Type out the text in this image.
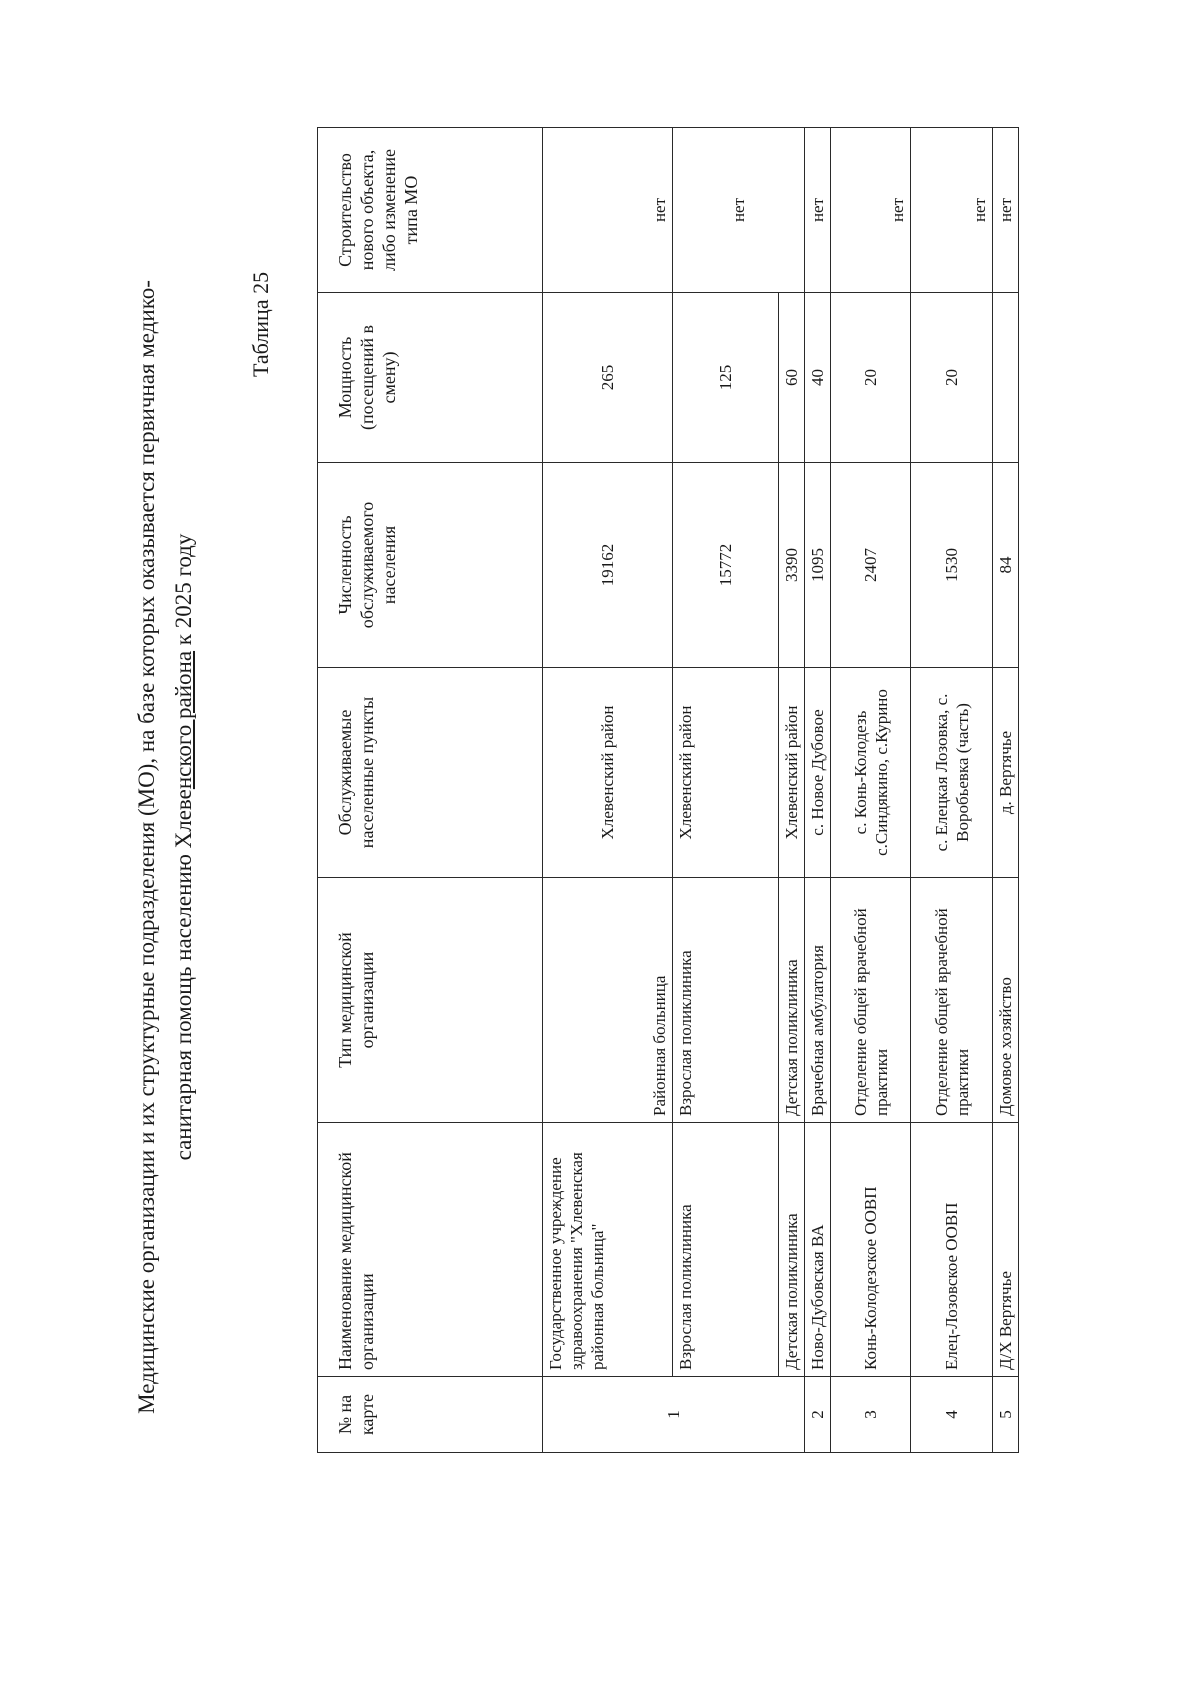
Медицинские организации и их структурные подразделения (МО), на базе которых оказывается первичная медико- санитарная помощь населению Хлевенского района к 2025 году
Таблица 25
№ на карте	Наименование медицинской организации	Тип медицинской организации	Обслуживаемые населенные пункты	Численность обслуживаемого населения	Мощность (посещений в смену)	Строительство нового объекта, либо изменение типа МО
1	Государственное учреждение здравоохранения "Хлевенская районная больница"	Районная больница	Хлевенский район	19162	265	нет
	Взрослая поликлиника	Взрослая поликлиника	Хлевенский район	15772	125	нет
	Детская поликлиника	Детская поликлиника	Хлевенский район	3390	60	
2	Ново-Дубовская ВА	Врачебная амбулатория	с. Новое Дубовое	1095	40	нет
3	Конь-Колодезское ООВП	Отделение общей врачебной практики	с. Конь-Колодезь с.Синдякино, с.Курино	2407	20	нет
4	Елец-Лозовское ООВП	Отделение общей врачебной практики	с. Елецкая Лозовка, с. Воробьевка (часть)	1530	20	нет
5	Д/Х Вертячье	Домовое хозяйство	д. Вертячье	84		нет
